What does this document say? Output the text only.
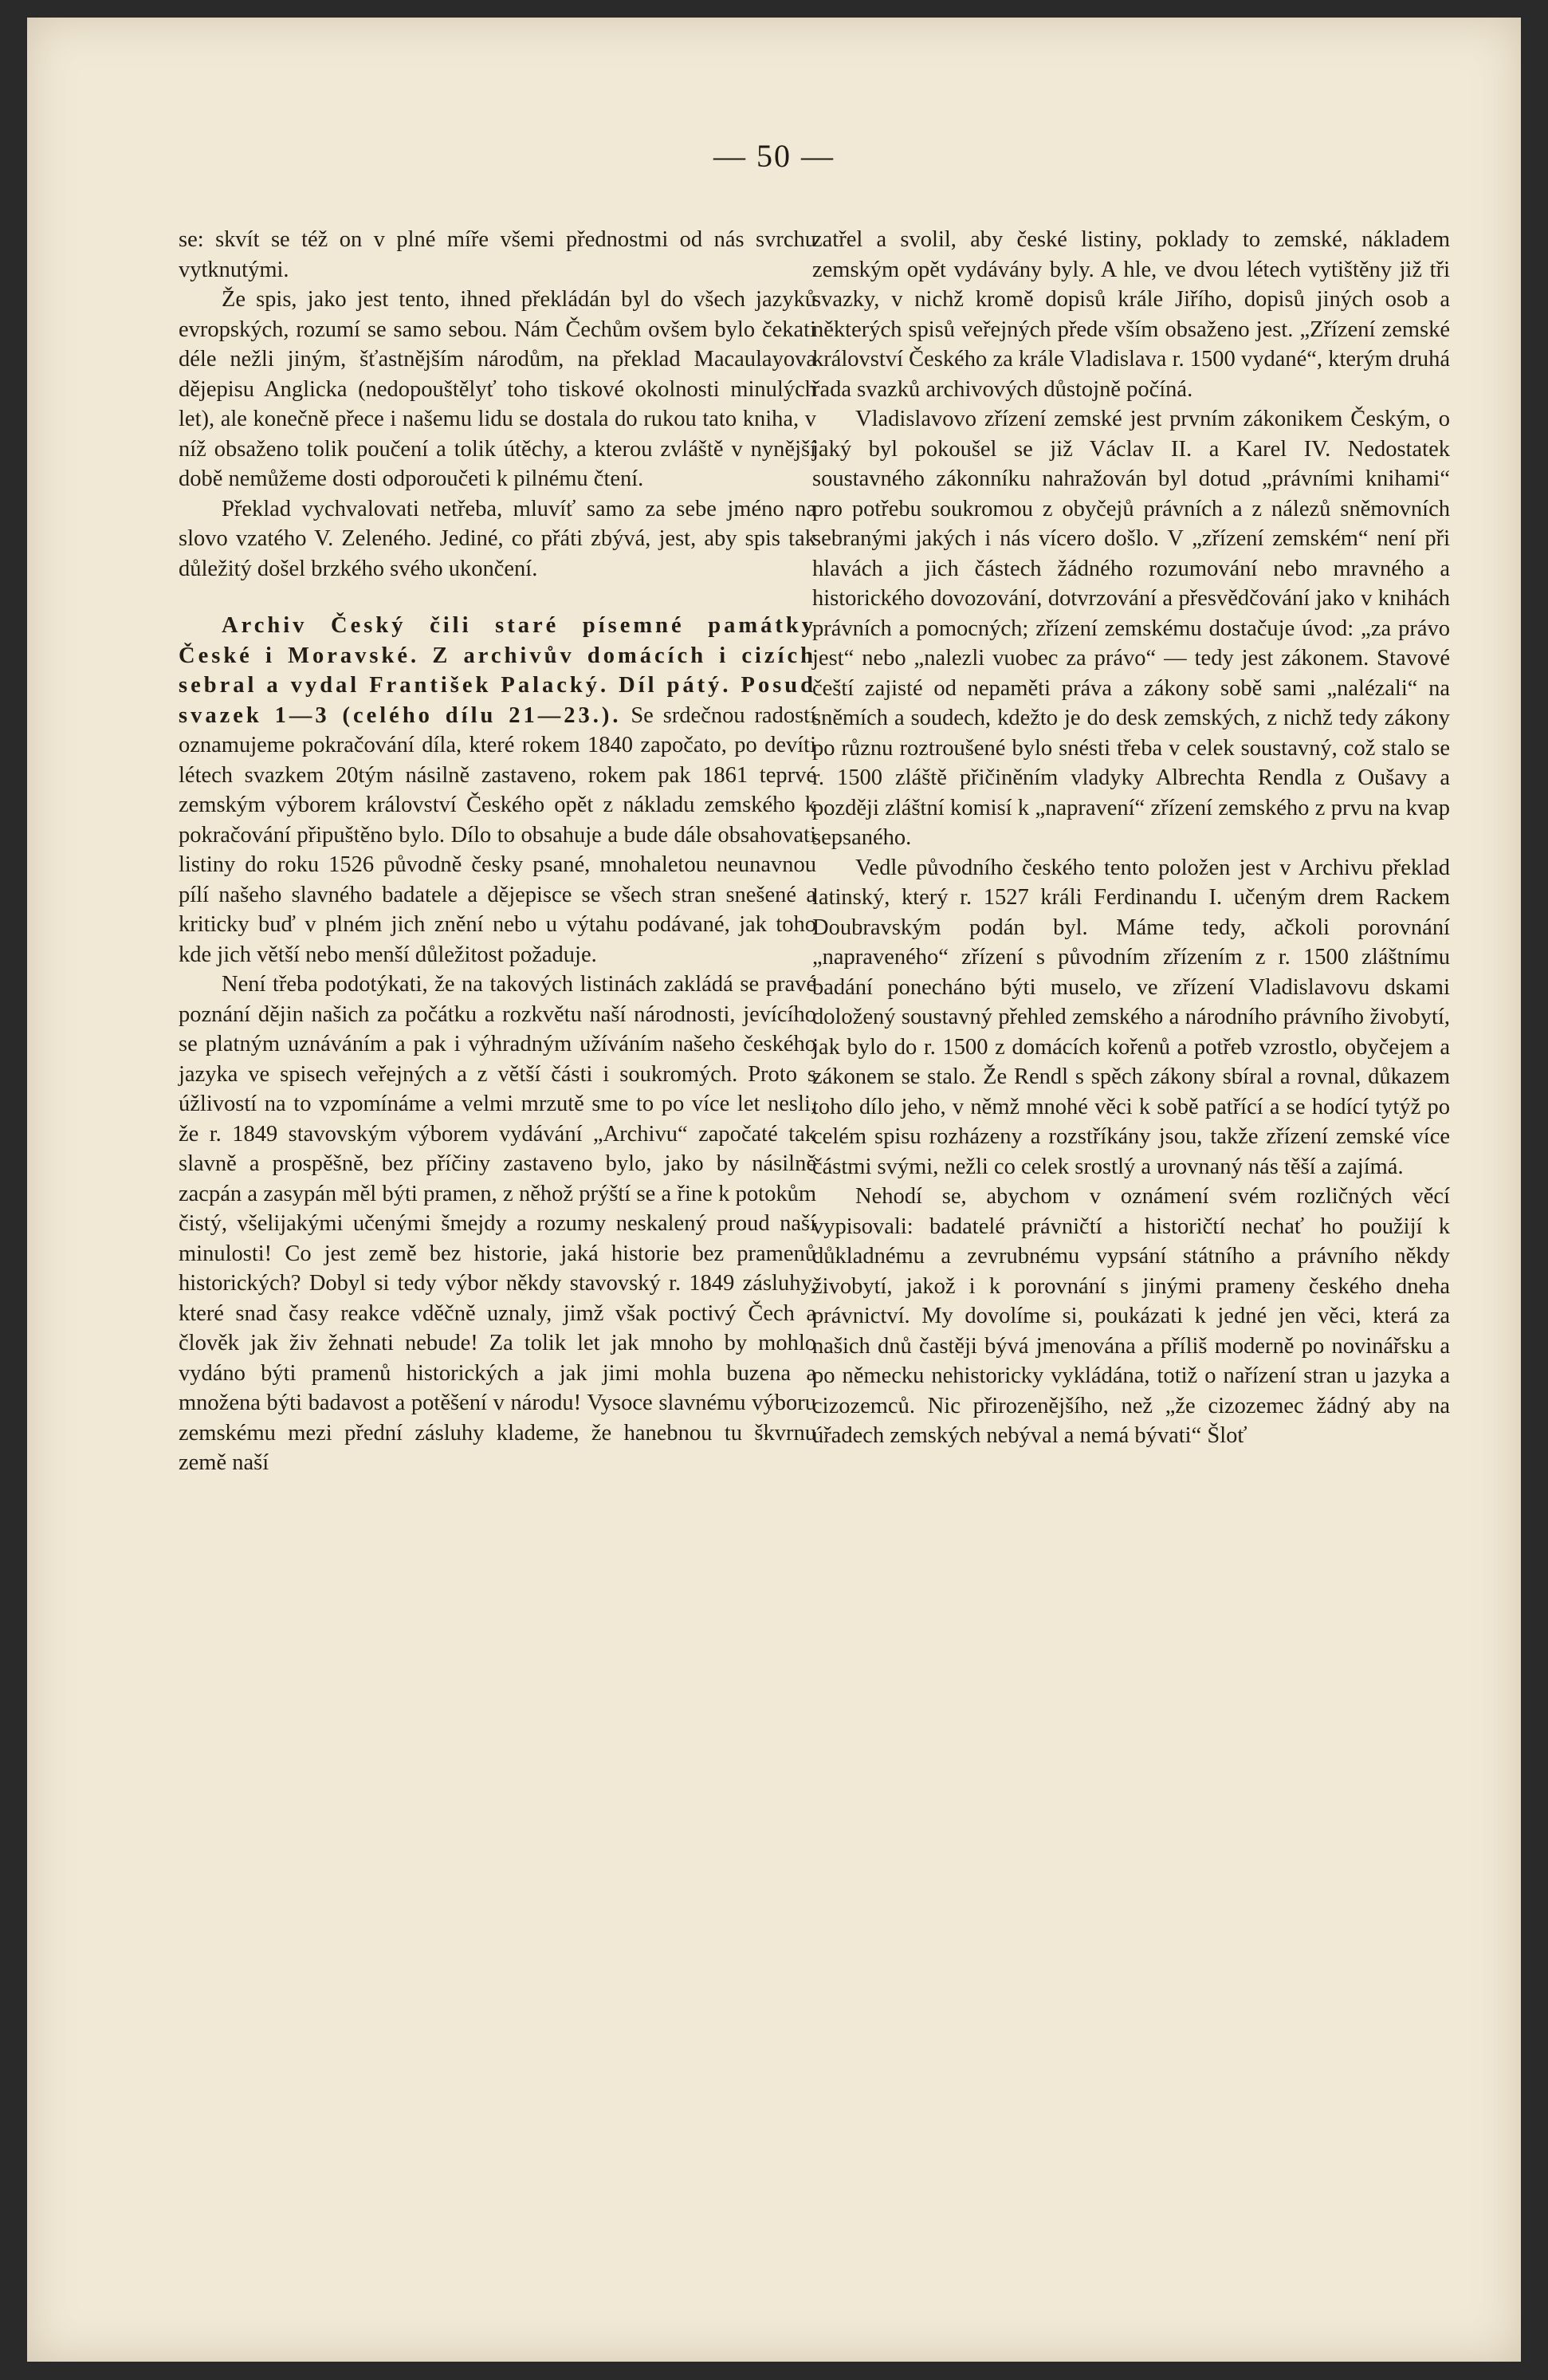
— 50 —

se: skvít se též on v plné míře všemi přednostmi od nás svrchu vytknutými.

Že spis, jako jest tento, ihned překládán byl do všech jazyků evropských, rozumí se samo sebou. Nám Čechům ovšem bylo čekati déle nežli jiným, šťastnějším národům, na překlad Macaulayova dějepisu Anglicka (nedopouštělyť toho tiskové okolnosti minulých let), ale konečně přece i našemu lidu se dostala do rukou tato kniha, v níž obsaženo tolik poučení a tolik útěchy, a kterou zvláště v nynější době nemůžeme dosti odporoučeti k pilnému čtení.

Překlad vychvalovati netřeba, mluvíť samo za sebe jméno na slovo vzatého V. Zeleného. Jediné, co přáti zbývá, jest, aby spis tak důležitý došel brzkého svého ukončení.

Archiv Český čili staré písemné památky České i Moravské. Z archivův domácích i cizích sebral a vydal František Palacký. Díl pátý. Posud svazek 1—3 (celého dílu 21—23.). Se srdečnou radostí oznamujeme pokračování díla, které rokem 1840 započato, po devíti létech svazkem 20tým násilně zastaveno, rokem pak 1861 teprvé zemským výborem království Českého opět z nákladu zemského k pokračování připuštěno bylo. Dílo to obsahuje a bude dále obsahovati listiny do roku 1526 původně česky psané, mnohaletou neunavnou pílí našeho slavného badatele a dějepisce se všech stran snešené a kriticky buď v plném jich znění nebo u výtahu podávané, jak toho kde jich větší nebo menší důležitost požaduje.

Není třeba podotýkati, že na takových listinách zakládá se pravé poznání dějin našich za počátku a rozkvětu naší národnosti, jevícího se platným uznáváním a pak i výhradným užíváním našeho českého jazyka ve spisech veřejných a z větší části i soukromých. Proto s úžlivostí na to vzpomínáme a velmi mrzutě sme to po více let nesli, že r. 1849 stavovským výborem vydávání „Archivu“ započaté tak slavně a prospěšně, bez příčiny zastaveno bylo, jako by násilně zacpán a zasypán měl býti pramen, z něhož prýští se a řine k potokům čistý, všelijakými učenými šmejdy a rozumy neskalený proud naší minulosti! Co jest země bez historie, jaká historie bez pramenů historických? Dobyl si tedy výbor někdy stavovský r. 1849 zásluhy, které snad časy reakce vděčně uznaly, jimž však poctivý Čech a člověk jak živ žehnati nebude! Za tolik let jak mnoho by mohlo vydáno býti pramenů historických a jak jimi mohla buzena a množena býti badavost a potěšení v národu! Vysoce slavnému výboru zemskému mezi přední zásluhy klademe, že hanebnou tu škvrnu země naší

zatřel a svolil, aby české listiny, poklady to zemské, nákladem zemským opět vydávány byly. A hle, ve dvou létech vytištěny již tři svazky, v nichž kromě dopisů krále Jiřího, dopisů jiných osob a některých spisů veřejných přede vším obsaženo jest. „Zřízení zemské království Českého za krále Vladislava r. 1500 vydané“, kterým druhá řada svazků archivových důstojně počíná.

Vladislavovo zřízení zemské jest prvním zákonikem Českým, o jaký byl pokoušel se již Václav II. a Karel IV. Nedostatek soustavného zákonníku nahražován byl dotud „právními knihami“ pro potřebu soukromou z obyčejů právních a z nálezů sněmovních sebranými jakých i nás vícero došlo. V „zřízení zemském“ není při hlavách a jich částech žádného rozumování nebo mravného a historického dovozování, dotvrzování a přesvědčování jako v knihách právních a pomocných; zřízení zemskému dostačuje úvod: „za právo jest“ nebo „nalezli vuobec za právo“ — tedy jest zákonem. Stavové čeští zajisté od nepaměti práva a zákony sobě sami „nalézali“ na sněmích a soudech, kdežto je do desk zemských, z nichž tedy zákony po různu roztroušené bylo snésti třeba v celek soustavný, což stalo se r. 1500 zláště přičiněním vladyky Albrechta Rendla z Oušavy a později zláštní komisí k „napravení“ zřízení zemského z prvu na kvap sepsaného.

Vedle původního českého tento položen jest v Archivu překlad latinský, který r. 1527 králi Ferdinandu I. učeným drem Rackem Doubravským podán byl. Máme tedy, ačkoli porovnání „napraveného“ zřízení s původním zřízením z r. 1500 zláštnímu badání ponecháno býti muselo, ve zřízení Vladislavovu dskami doložený soustavný přehled zemského a národního právního živobytí, jak bylo do r. 1500 z domácích kořenů a potřeb vzrostlo, obyčejem a zákonem se stalo. Že Rendl s spěch zákony sbíral a rovnal, důkazem toho dílo jeho, v němž mnohé věci k sobě patřící a se hodící tytýž po celém spisu rozházeny a rozstříkány jsou, takže zřízení zemské více částmi svými, nežli co celek srostlý a urovnaný nás těší a zajímá.

Nehodí se, abychom v oznámení svém rozličných věcí vypisovali: badatelé právničtí a historičtí nechať ho použijí k důkladnému a zevrubnému vypsání státního a právního někdy živobytí, jakož i k porovnání s jinými prameny českého dneha právnictví. My dovolíme si, poukázati k jedné jen věci, která za našich dnů častěji bývá jmenována a příliš moderně po novinářsku a po německu nehistoricky vykládána, totiž o nařízení stran u jazyka a cizozemců. Nic přirozenějšího, než „že cizozemec žádný aby na úřadech zemských nebýval a nemá bývati“ Šloť
